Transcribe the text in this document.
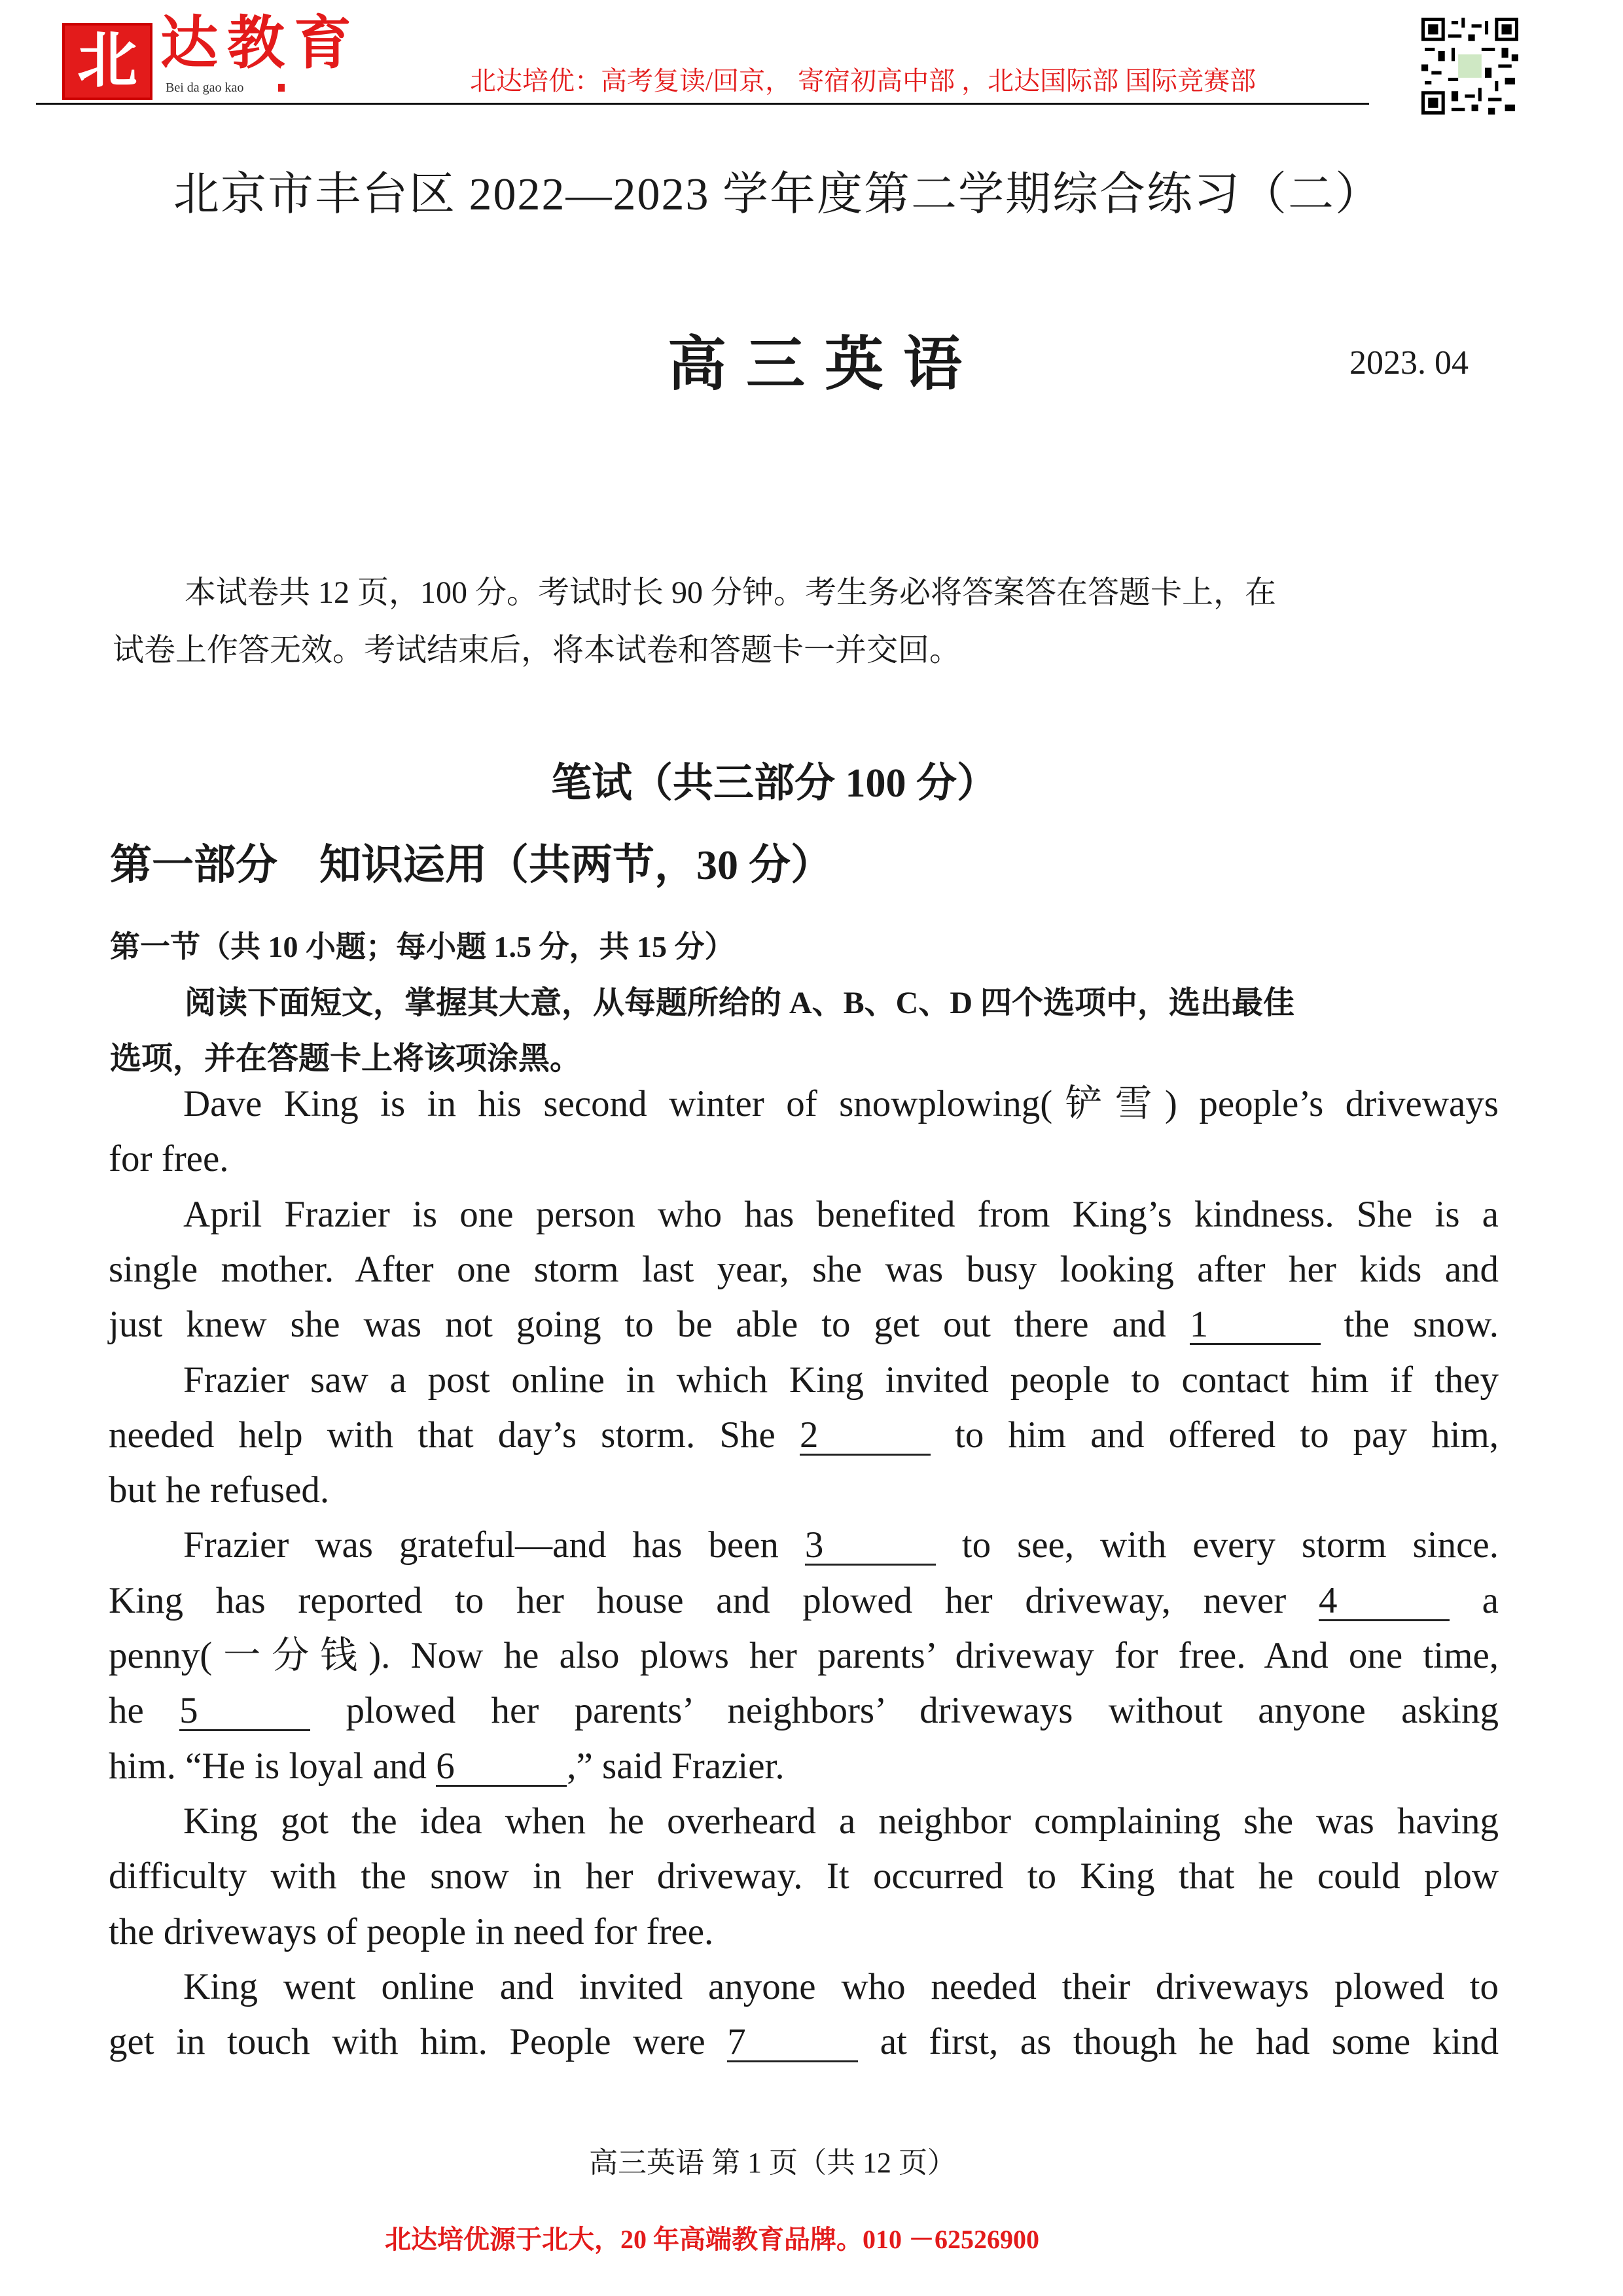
北 达教育
Bei da gao kao	北达培优：高考复读/回京， 寄宿初高中部 ，北达国际部 国际竞赛部
北京市丰台区 2022—2023 学年度第二学期综合练习（二）
高三英语	2023. 04
本试卷共 12 页，100 分。考试时长 90 分钟。考生务必将答案答在答题卡上，在
试卷上作答无效。考试结束后，将本试卷和答题卡一并交回。
笔试（共三部分 100 分）
第一部分    知识运用（共两节，30 分）
第一节（共 10 小题；每小题 1.5 分，共 15 分）
阅读下面短文，掌握其大意，从每题所给的 A、B、C、D 四个选项中，选出最佳
选项，并在答题卡上将该项涂黑。
Dave King is in his second winter of snowplowing(铲雪) people’s driveways
for free.
April Frazier is one person who has benefited from King’s kindness. She is a
single mother. After one storm last year, she was busy looking after her kids and
just knew she was not going to be able to get out there and 1	the snow.
Frazier saw a post online in which King invited people to contact him if they
needed help with that day’s storm. She 2	to him and offered to pay him,
but he refused.
Frazier was grateful—and has been 3	to see, with every storm since.
King has reported to her house and plowed her driveway, never 4	a
penny(一分钱). Now he also plows her parents’ driveway for free. And one time,
he 5	plowed her parents’ neighbors’ driveways without anyone asking
him. “He is loyal and 6	,” said Frazier.
King got the idea when he overheard a neighbor complaining she was having
difficulty with the snow in her driveway. It occurred to King that he could plow
the driveways of people in need for free.
King went online and invited anyone who needed their driveways plowed to
get in touch with him. People were 7	at first, as though he had some kind
高三英语 第 1 页（共 12 页）
北达培优源于北大，20 年高端教育品牌。010 －62526900
